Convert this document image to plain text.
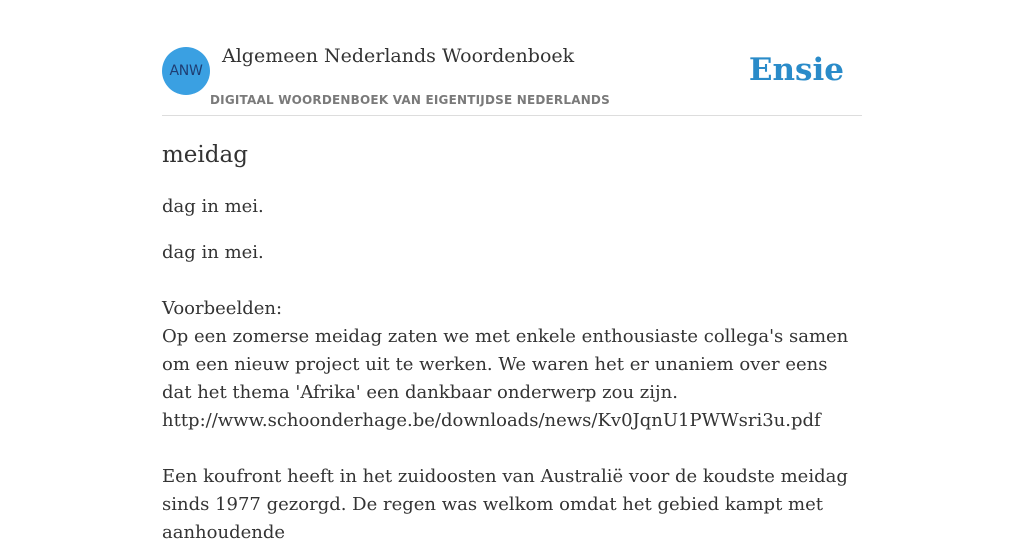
ANW
Algemeen Nederlands Woordenboek
DIGITAAL WOORDENBOEK VAN EIGENTIJDSE NEDERLANDS
Ensie
meidag

dag in mei.

dag in mei.

Voorbeelden:

Op een zomerse meidag zaten we met enkele enthousiaste collega's samen om een nieuw project uit te werken. We waren het er unaniem over eens dat het thema 'Afrika' een dankbaar onderwerp zou zijn.

http://www.schoonderhage.be/downloads/news/Kv0JqnU1PWWsri3u.pdf

Een koufront heeft in het zuidoosten van Australië voor de koudste meidag sinds 1977 gezorgd. De regen was welkom omdat het gebied kampt met aanhoudende
